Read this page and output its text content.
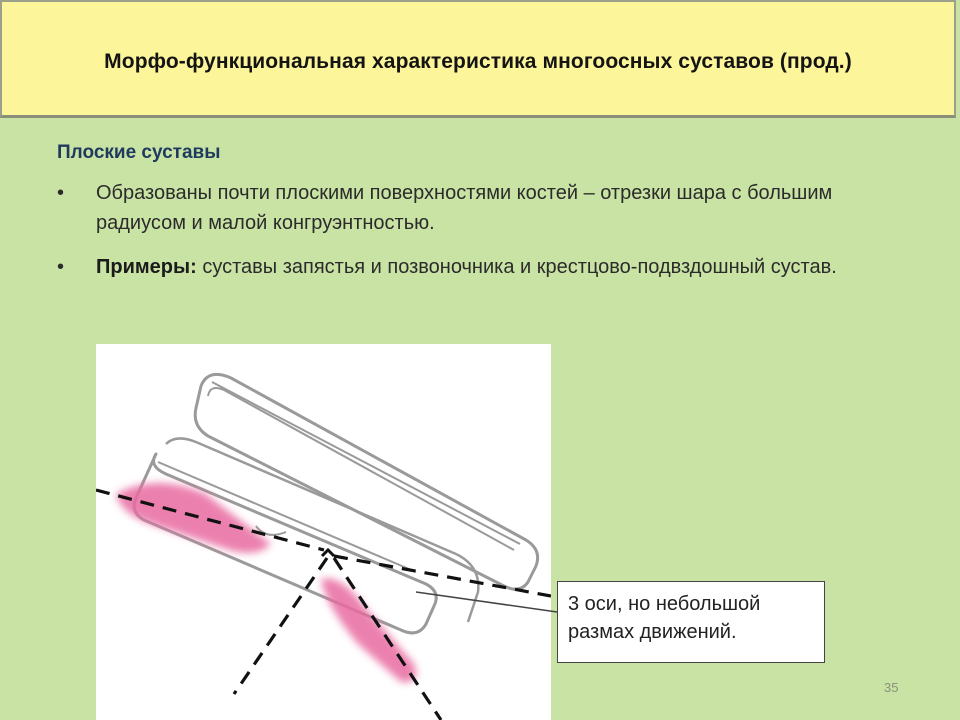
Морфо-функциональная характеристика многоосных суставов (прод.)
Плоские суставы
• Образованы почти плоскими поверхностями костей – отрезки шара с большим радиусом и малой конгруэнтностью.
• Примеры: суставы запястья и позвоночника и крестцово-подвздошный сустав.
3 оси, но небольшой
размах движений.
35
